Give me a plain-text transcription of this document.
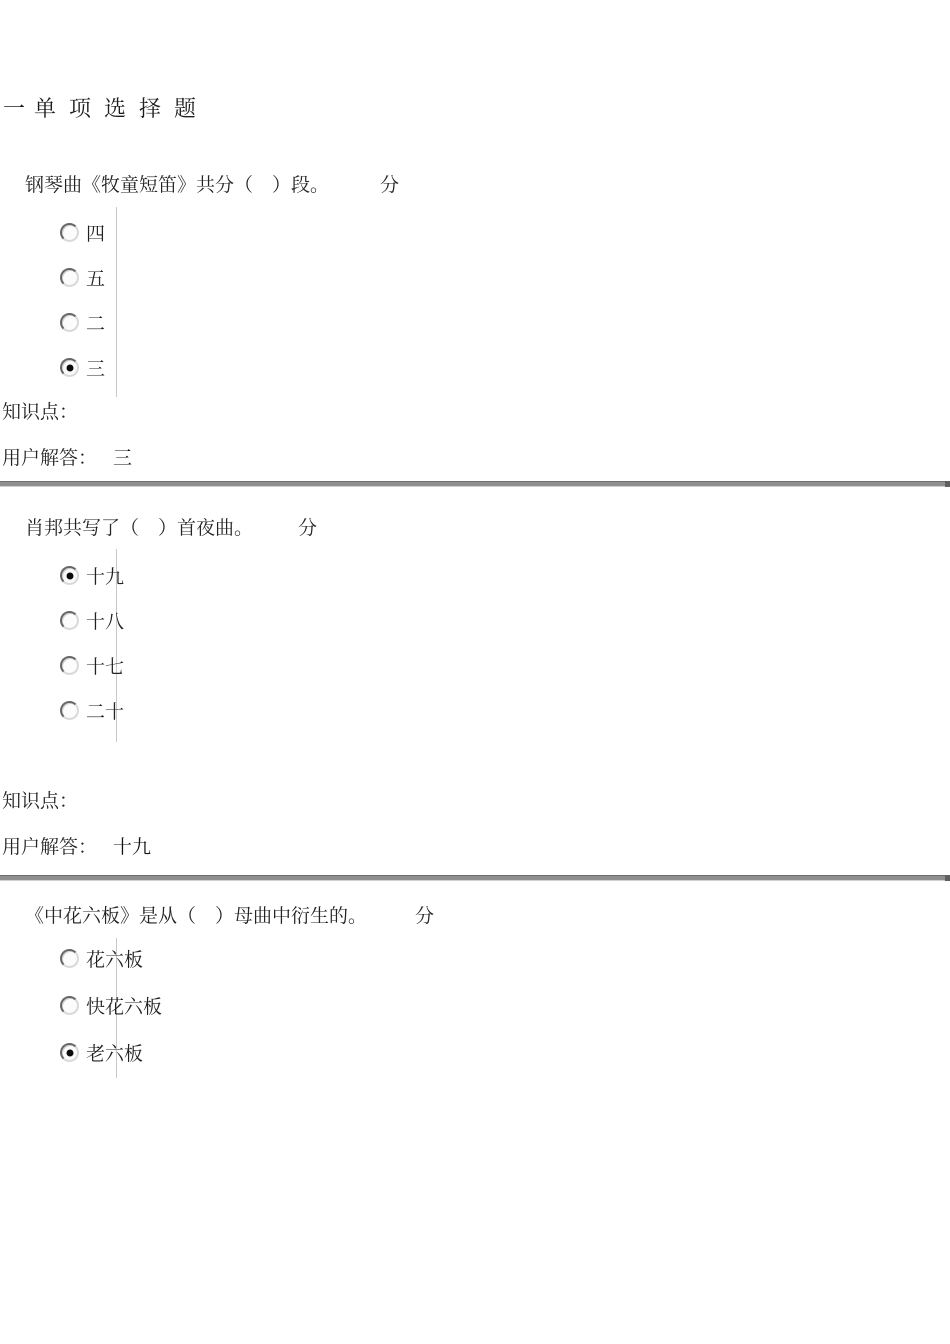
一 单项选择题
钢琴曲《牧童短笛》共分（　）段。	分
四
五
二
三
知识点：
用户解答： 三
肖邦共写了（　）首夜曲。 分
十九
十八
十七
二十
知识点：
用户解答： 十九
《中花六板》是从（　）母曲中衍生的。	分
花六板
快花六板
老六板
